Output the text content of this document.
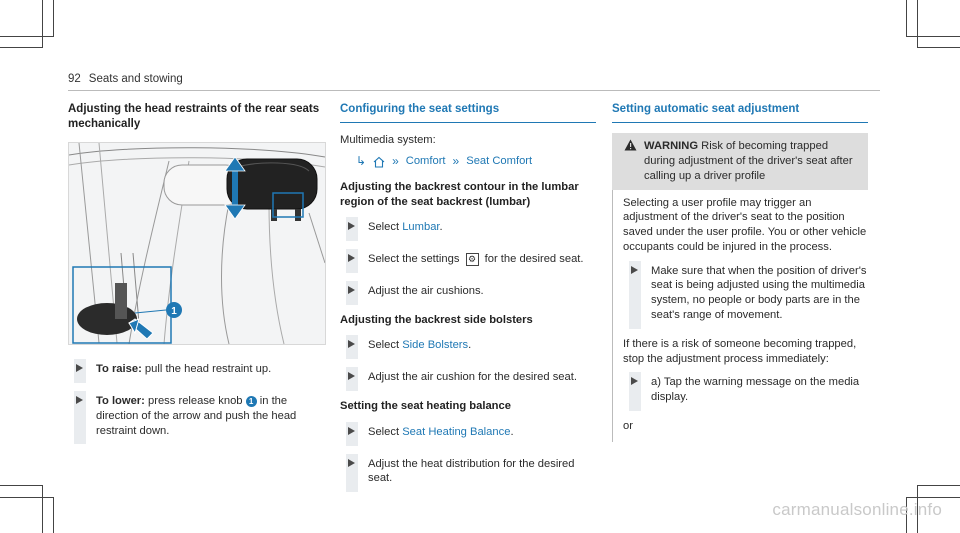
92 Seats and stowing
Adjusting the head restraints of the rear seats mechanically
1
To raise: pull the head restraint up.
To lower: press release knob 1 in the direction of the arrow and push the head restraint down.
Configuring the seat settings

Multimedia system:

↳ » Comfort » Seat Comfort
Adjusting the backrest contour in the lumbar region of the seat backrest (lumbar)
Select Lumbar.
Select the settings ⚙ for the desired seat.
Adjust the air cushions.
Adjusting the backrest side bolsters
Select Side Bolsters.
Adjust the air cushion for the desired seat.
Setting the seat heating balance
Select Seat Heating Balance.
Adjust the heat distribution for the desired seat.
Setting automatic seat adjustment
WARNING Risk of becoming trapped during adjustment of the driver's seat after calling up a driver profile

Selecting a user profile may trigger an adjustment of the driver's seat to the position saved under the user profile. You or other vehicle occupants could be injured in the process.

Make sure that when the position of driver's seat is being adjusted using the multimedia system, no people or body parts are in the seat's range of movement.

If there is a risk of someone becoming trapped, stop the adjustment process immediately:

a) Tap the warning message on the media display.

or

carmanualsonline.info
